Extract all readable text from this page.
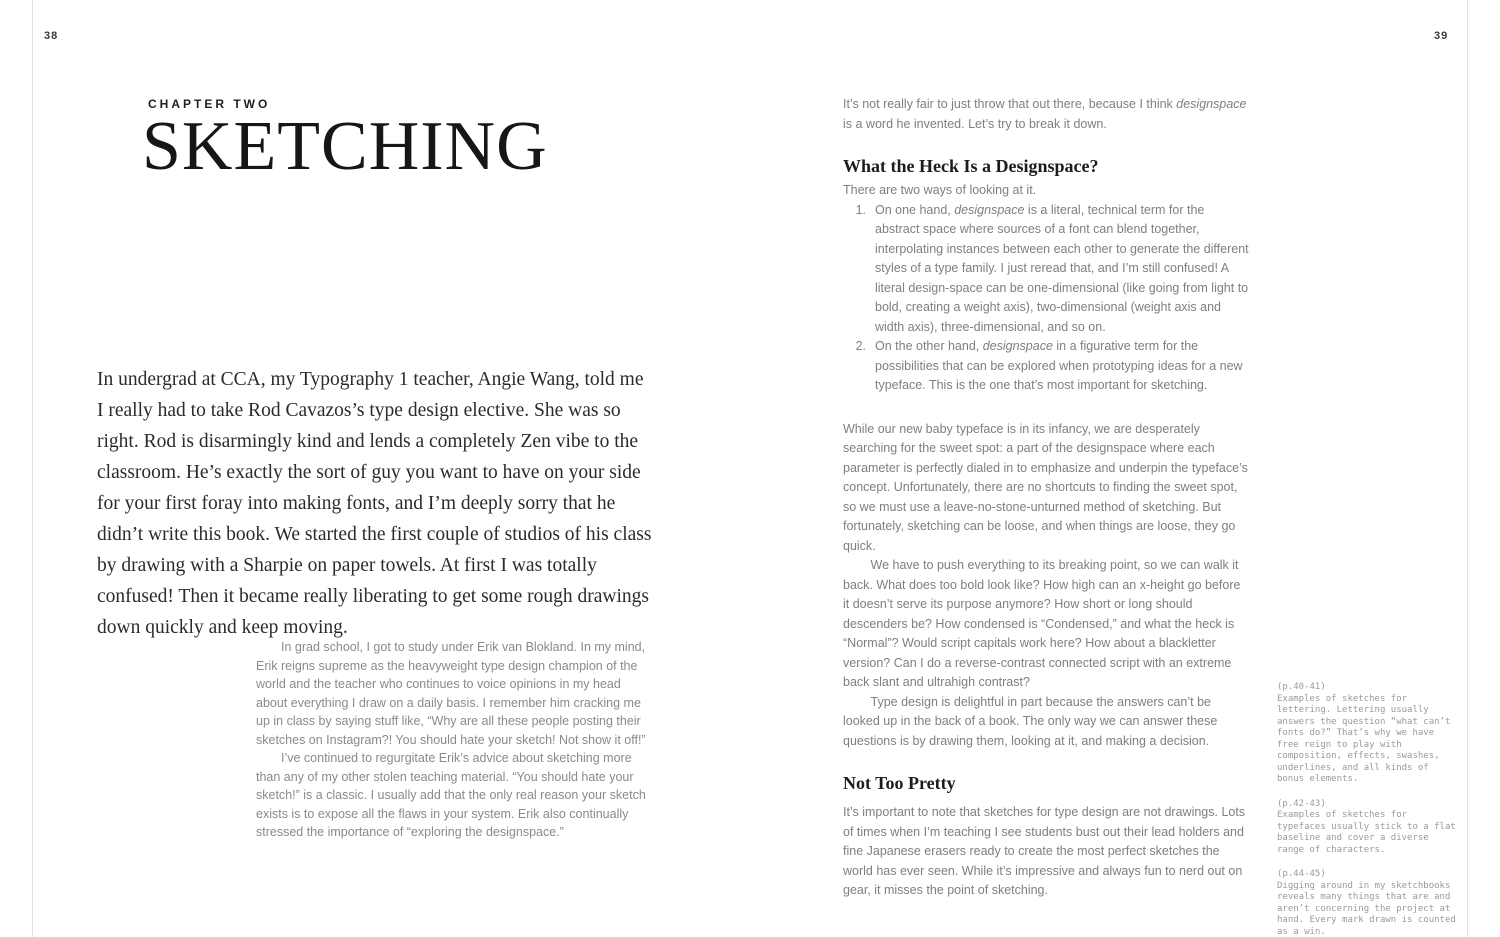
38	39
CHAPTER TWO
SKETCHING
In undergrad at CCA, my Typography 1 teacher, Angie Wang, told me I really had to take Rod Cavazos’s type design elective. She was so right. Rod is disarmingly kind and lends a completely Zen vibe to the classroom. He’s exactly the sort of guy you want to have on your side for your first foray into making fonts, and I’m deeply sorry that he didn’t write this book. We started the first couple of studios of his class by drawing with a Sharpie on paper towels. At first I was totally confused! Then it became really liberating to get some rough drawings down quickly and keep moving.

In grad school, I got to study under Erik van Blokland. In my mind, Erik reigns supreme as the heavyweight type design champion of the world and the teacher who continues to voice opinions in my head about everything I draw on a daily basis. I remember him cracking me up in class by saying stuff like, “Why are all these people posting their sketches on Instagram?! You should hate your sketch! Not show it off!”

I’ve continued to regurgitate Erik’s advice about sketching more than any of my other stolen teaching material. “You should hate your sketch!” is a classic. I usually add that the only real reason your sketch exists is to expose all the flaws in your system. Erik also continually stressed the importance of “exploring the designspace.”

It’s not really fair to just throw that out there, because I think designspace is a word he invented. Let’s try to break it down.

What the Heck Is a Designspace?

There are two ways of looking at it.

1. On one hand, designspace is a literal, technical term for the abstract space where sources of a font can blend together, interpolating instances between each other to generate the different styles of a type family. I just reread that, and I’m still confused! A literal design-space can be one-dimensional (like going from light to bold, creating a weight axis), two-dimensional (weight axis and width axis), three-dimensional, and so on.
2. On the other hand, designspace in a figurative term for the possibilities that can be explored when prototyping ideas for a new typeface. This is the one that’s most important for sketching.

While our new baby typeface is in its infancy, we are desperately searching for the sweet spot: a part of the designspace where each parameter is perfectly dialed in to emphasize and underpin the typeface’s concept. Unfortunately, there are no shortcuts to finding the sweet spot, so we must use a leave-no-stone-unturned method of sketching. But fortunately, sketching can be loose, and when things are loose, they go quick.

We have to push everything to its breaking point, so we can walk it back. What does too bold look like? How high can an x-height go before it doesn’t serve its purpose anymore? How short or long should descenders be? How condensed is “Condensed,” and what the heck is “Normal”? Would script capitals work here? How about a blackletter version? Can I do a reverse-contrast connected script with an extreme back slant and ultrahigh contrast?

Type design is delightful in part because the answers can’t be looked up in the back of a book. The only way we can answer these questions is by drawing them, looking at it, and making a decision.

Not Too Pretty

It’s important to note that sketches for type design are not drawings. Lots of times when I’m teaching I see students bust out their lead holders and fine Japanese erasers ready to create the most perfect sketches the world has ever seen. While it’s impressive and always fun to nerd out on gear, it misses the point of sketching.

(p.40-41)
Examples of sketches for lettering. Lettering usually answers the question “what can’t fonts do?” That’s why we have free reign to play with composition, effects, swashes, underlines, and all kinds of bonus elements.
(p.42-43)
Examples of sketches for typefaces usually stick to a flat baseline and cover a diverse range of characters.
(p.44-45)
Digging around in my sketchbooks reveals many things that are and aren’t concerning the project at hand. Every mark drawn is counted as a win.
